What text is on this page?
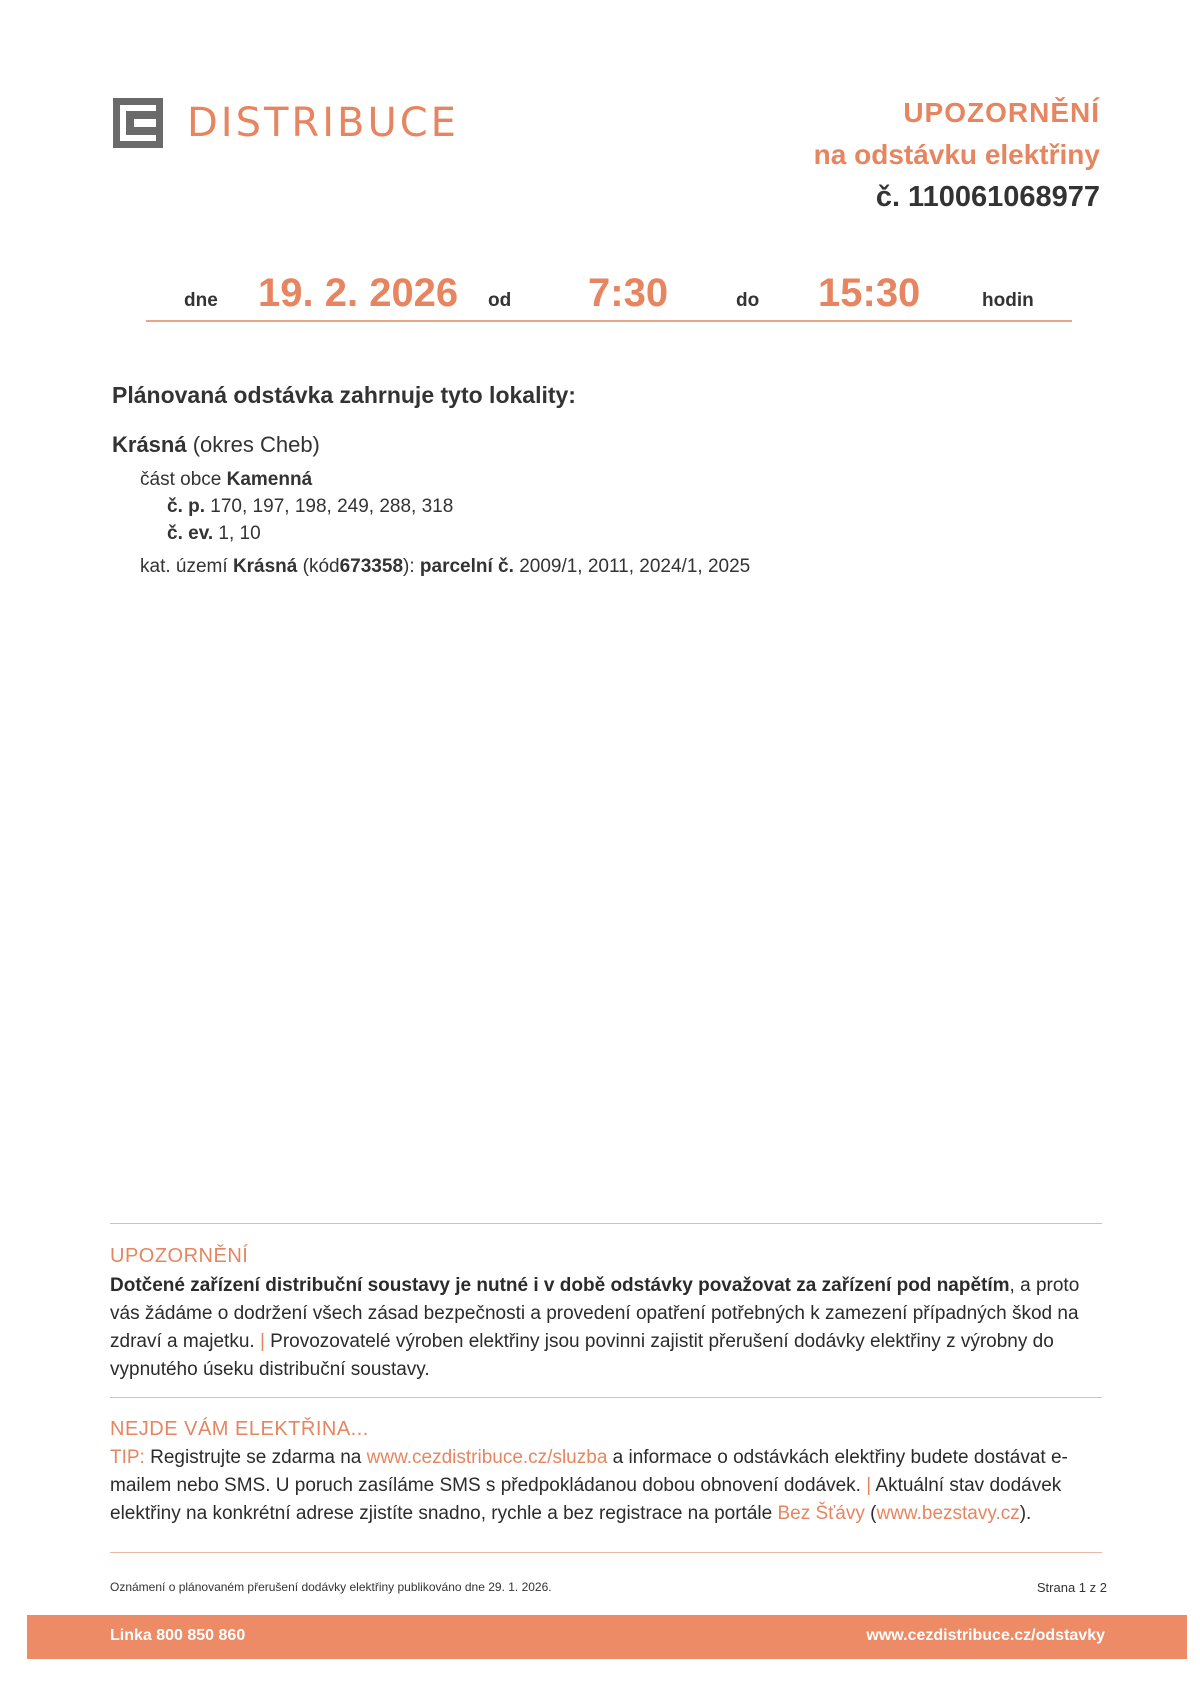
DISTRIBUCE	UPOZORNĚNÍ
na odstávku elektřiny
č. 110061068977
dne 19. 2. 2026 od 7:30	do 15:30	hodin
Plánovaná odstávka zahrnuje tyto lokality:
Krásná (okres Cheb)
část obce Kamenná
č. p. 170, 197, 198, 249, 288, 318
č. ev. 1, 10
kat. území Krásná (kód673358): parcelní č. 2009/1, 2011, 2024/1, 2025
UPOZORNĚNÍ
Dotčené zařízení distribuční soustavy je nutné i v době odstávky považovat za zařízení pod napětím, a proto vás žádáme o dodržení všech zásad bezpečnosti a provedení opatření potřebných k zamezení případných škod na zdraví a majetku. | Provozovatelé výroben elektřiny jsou povinni zajistit přerušení dodávky elektřiny z výrobny do vypnutého úseku distribuční soustavy.
NEJDE VÁM ELEKTŘINA...
TIP: Registrujte se zdarma na www.cezdistribuce.cz/sluzba a informace o odstávkách elektřiny budete dostávat e-mailem nebo SMS. U poruch zasíláme SMS s předpokládanou dobou obnovení dodávek. | Aktuální stav dodávek elektřiny na konkrétní adrese zjistíte snadno, rychle a bez registrace na portále Bez Šťávy (www.bezstavy.cz).
Oznámení o plánovaném přerušení dodávky elektřiny publikováno dne 29. 1. 2026.	Strana 1 z 2
Linka 800 850 860	www.cezdistribuce.cz/odstavky
